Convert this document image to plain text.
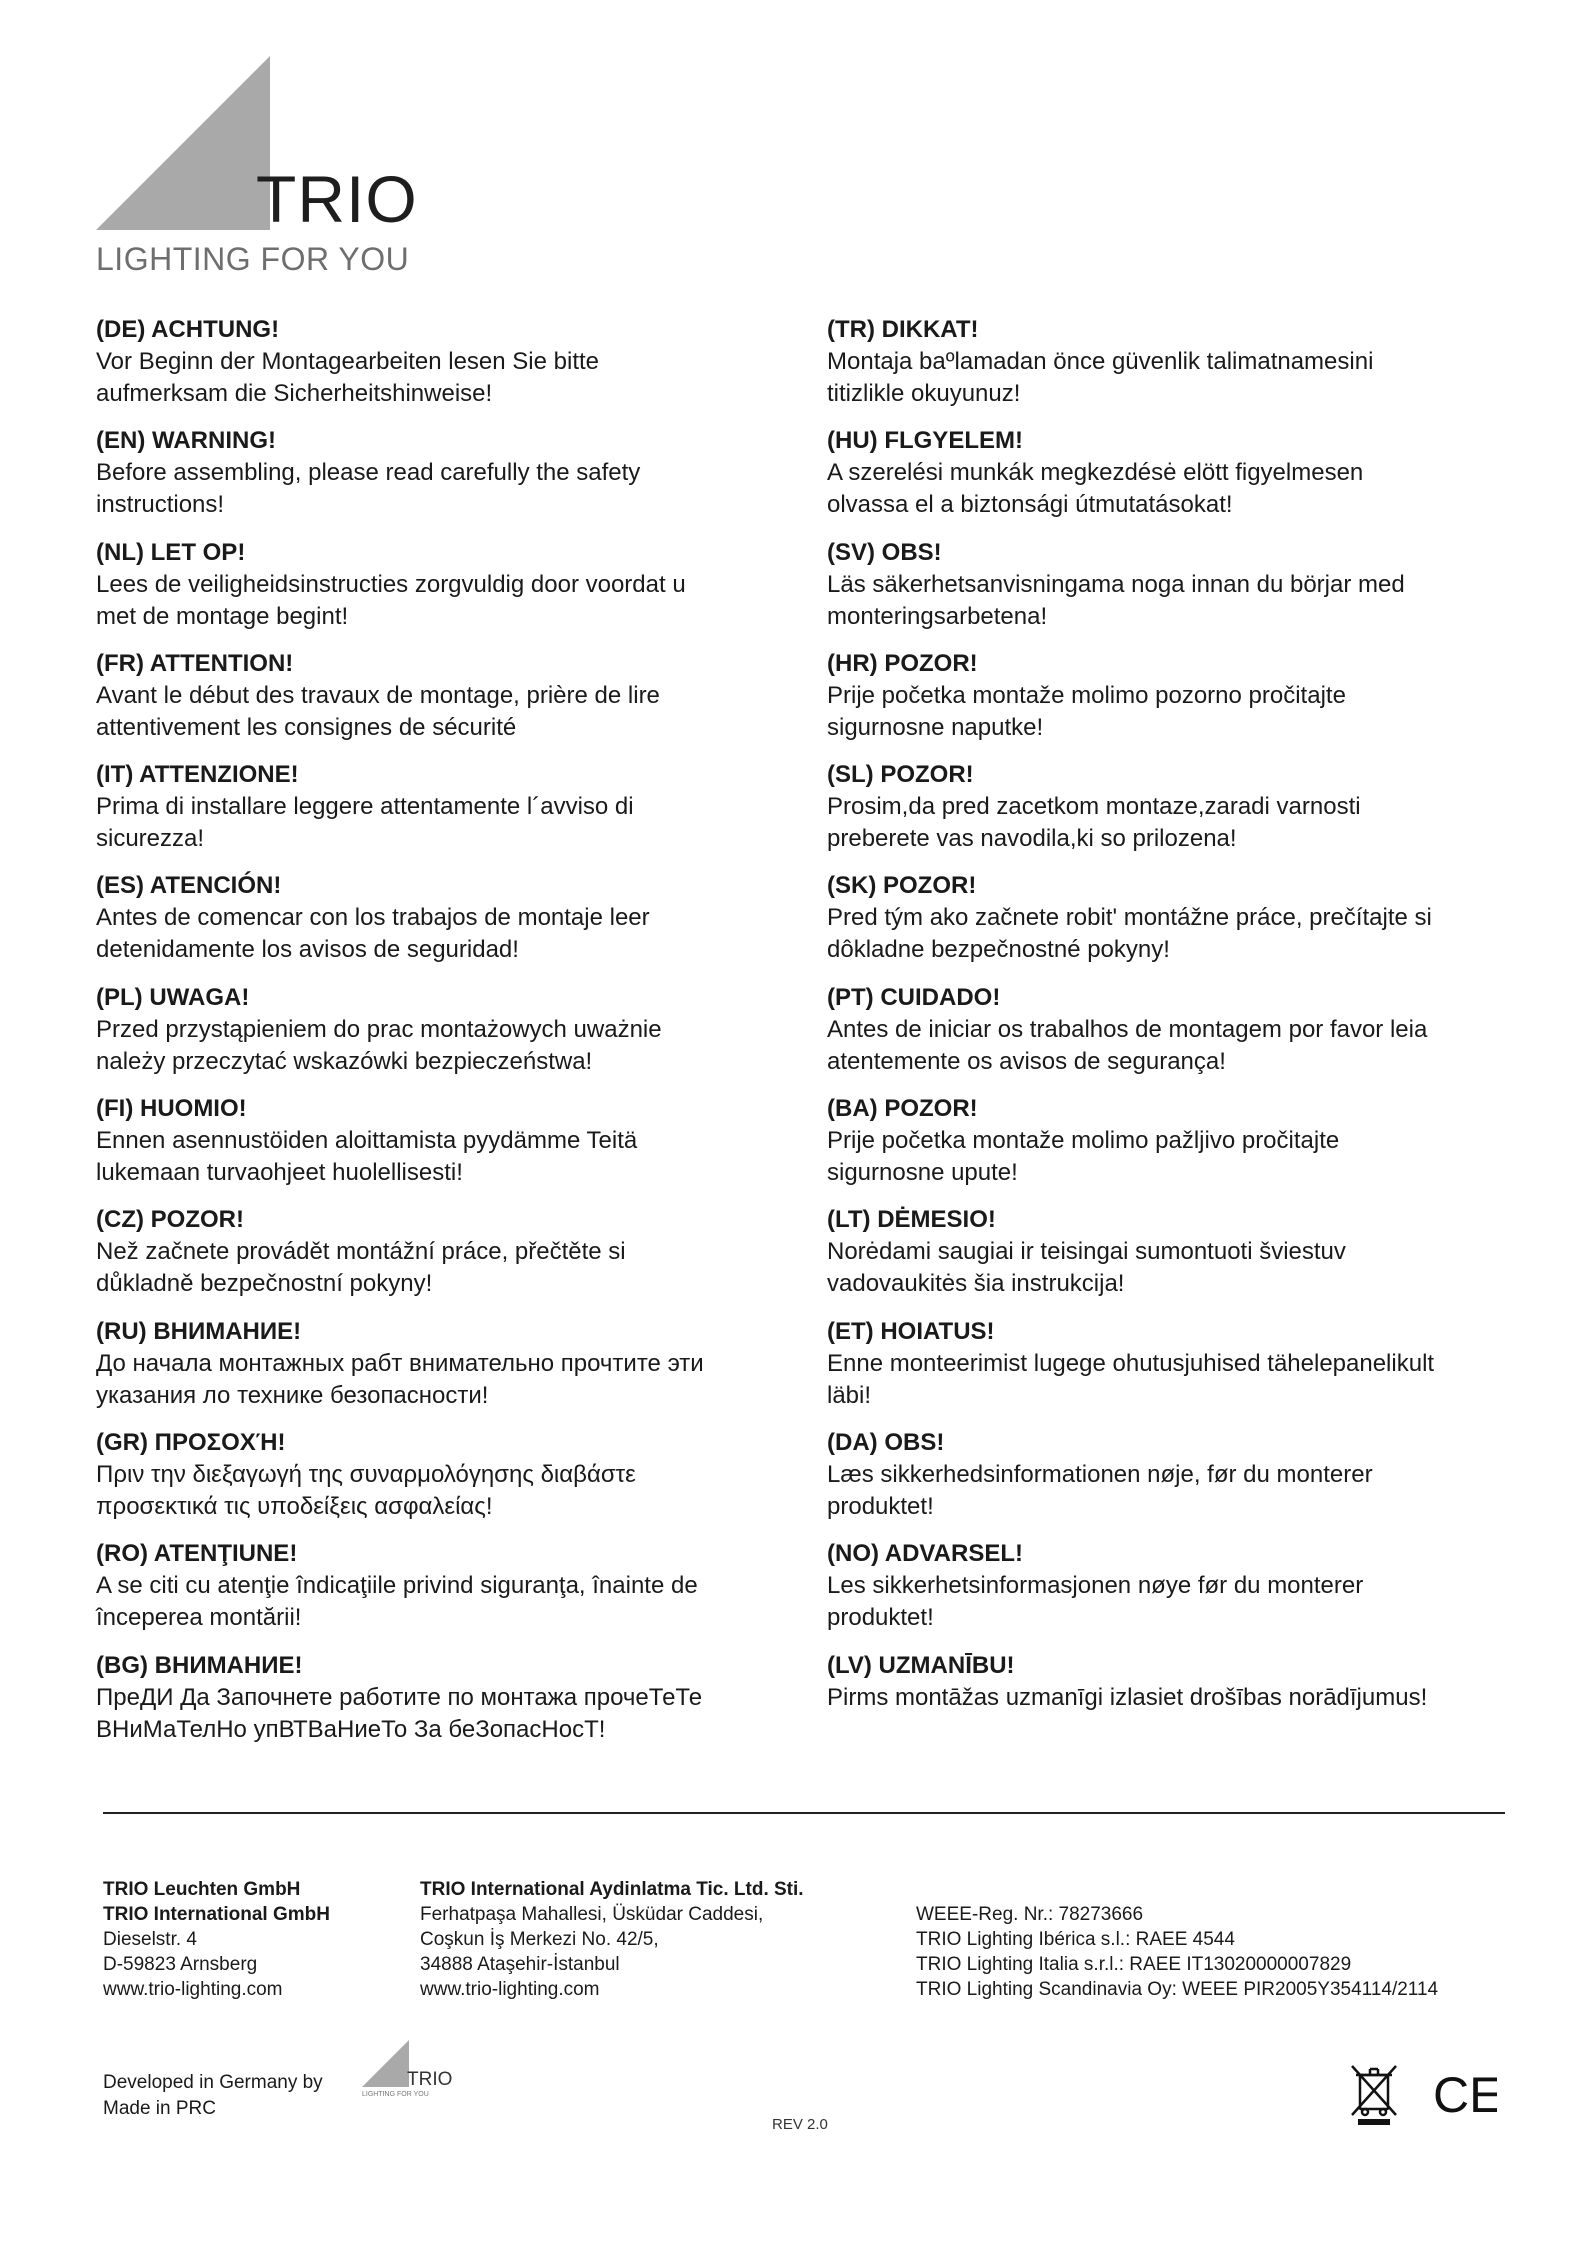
TRIO
LIGHTING FOR YOU

(DE) ACHTUNG!

Vor Beginn der Montagearbeiten lesen Sie bitte

aufmerksam die Sicherheitshinweise!

(EN) WARNING!

Before assembling, please read carefully the safety

instructions!

(NL) LET OP!

Lees de veiligheidsinstructies zorgvuldig door voordat u

met de montage begint!

(FR) ATTENTION!

Avant le début des travaux de montage, prière de lire

attentivement les consignes de sécurité

(IT) ATTENZIONE!

Prima di installare leggere attentamente l´avviso di

sicurezza!

(ES) ATENCIÓN!

Antes de comencar con los trabajos de montaje leer

detenidamente los avisos de seguridad!

(PL) UWAGA!

Przed przystąpieniem do prac montażowych uważnie

należy przeczytać wskazówki bezpieczeństwa!

(FI) HUOMIO!

Ennen asennustöiden aloittamista pyydämme Teitä

lukemaan turvaohjeet huolellisesti!

(CZ) POZOR!

Než začnete provádět montážní práce, přečtěte si

důkladně bezpečnostní pokyny!

(RU) ВНИМАНИЕ!

До начала монтажных рабт внимательно прочтите эти

указания ло технике безопасности!

(GR) ΠΡΟΣΟΧΉ!

Πριν την διεξαγωγή της συναρμολόγησης διαβάστε

προσεκτικά τις υποδείξεις ασφαλείας!

(RO) ATENŢIUNE!

A se citi cu atenţie îndicaţiile privind siguranţa, înainte de

începerea montării!

(BG) ВНИМАНИЕ!

ПреДИ Да Започнете работите по монтажа прочеТеТе

ВНиМаТелНо упВТВаНиеТо За беЗопасНосТ!

(TR) DIKKAT!

Montaja baºlamadan önce güvenlik talimatnamesini

titizlikle okuyunuz!

(HU) FLGYELEM!

A szerelési munkák megkezdésė elött figyelmesen

olvassa el a biztonsági útmutatásokat!

(SV) OBS!

Läs säkerhetsanvisningama noga innan du börjar med

monteringsarbetena!

(HR) POZOR!

Prije početka montaže molimo pozorno pročitajte

sigurnosne naputke!

(SL) POZOR!

Prosim,da pred zacetkom montaze,zaradi varnosti

preberete vas navodila,ki so prilozena!

(SK) POZOR!

Pred tým ako začnete robit' montážne práce, prečítajte si

dôkladne bezpečnostné pokyny!

(PT) CUIDADO!

Antes de iniciar os trabalhos de montagem por favor leia

atentemente os avisos de segurança!

(BA) POZOR!

Prije početka montaže molimo pažljivo pročitajte

sigurnosne upute!

(LT) DĖMESIO!

Norėdami saugiai ir teisingai sumontuoti šviestuv

vadovaukitės šia instrukcija!

(ET) HOIATUS!

Enne monteerimist lugege ohutusjuhised tähelepanelikult

läbi!

(DA) OBS!

Læs sikkerhedsinformationen nøje, før du monterer

produktet!

(NO) ADVARSEL!

Les sikkerhetsinformasjonen nøye før du monterer

produktet!

(LV) UZMANĪBU!

Pirms montāžas uzmanīgi izlasiet drošības norādījumus!

TRIO Leuchten GmbH
TRIO International GmbH
Dieselstr. 4
D-59823 Arnsberg
www.trio-lighting.com
TRIO International Aydinlatma Tic. Ltd. Sti.
Ferhatpaşa Mahallesi, Üsküdar Caddesi,
Coşkun İş Merkezi No. 42/5,
34888 Ataşehir-İstanbul
www.trio-lighting.com
WEEE-Reg. Nr.: 78273666
TRIO Lighting Ibérica s.l.: RAEE 4544
TRIO Lighting Italia s.r.l.: RAEE IT13020000007829
TRIO Lighting Scandinavia Oy: WEEE PIR2005Y354114/2114
Developed in Germany by
Made in PRC
TRIO
LIGHTING FOR YOU
REV 2.0
CE
